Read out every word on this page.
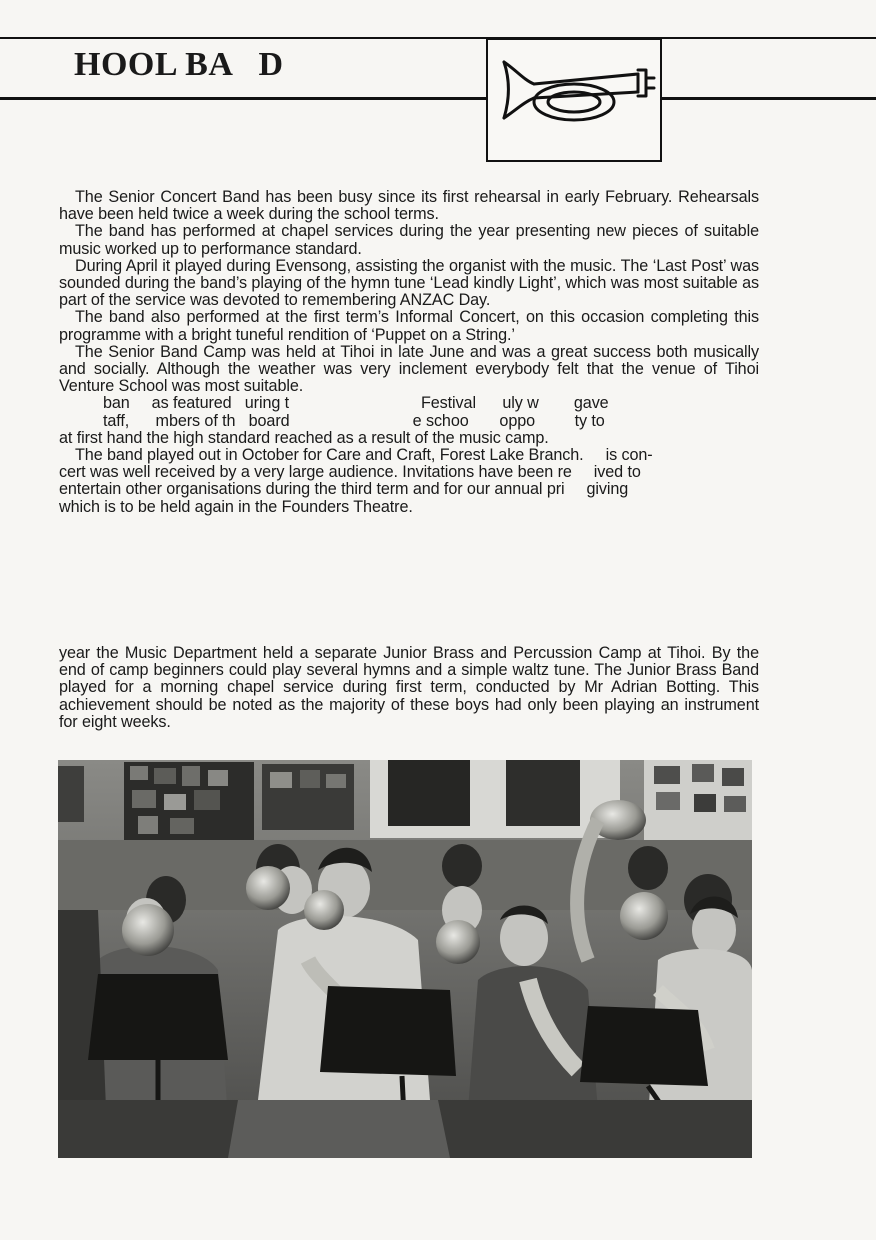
HOOL BA   D

The Senior Concert Band has been busy since its first rehearsal in early February. Rehearsals have been held twice a week during the school terms.

The band has performed at chapel services during the year presenting new pieces of suitable music worked up to performance standard.

During April it played during Evensong, assisting the organist with the music. The ‘Last Post’ was sounded during the band’s playing of the hymn tune ‘Lead kindly Light’, which was most suitable as part of the service was devoted to remembering ANZAC Day.

The band also performed at the first term’s Informal Concert, on this occasion completing this programme with a bright tuneful rendition of ‘Puppet on a String.’

The Senior Band Camp was held at Tihoi in late June and was a great success both musically and socially. Although the weather was very inclement everybody felt that the venue of Tihoi Venture School was most suitable.

ban     as featured   uring t                              Festival      uly w        gave

taff,      mbers of th   board                            e schoo       oppo         ty to

at first hand the high standard reached as a result of the music camp.

The band played out in October for Care and Craft, Forest Lake Branch.     is con-

cert was well received by a very large audience. Invitations have been re     ived to

entertain other organisations during the third term and for our annual pri     giving

which is to be held again in the Founders Theatre.

year the Music Department held a separate Junior Brass and Percussion Camp at Tihoi. By the end of camp beginners could play several hymns and a simple waltz tune. The Junior Brass Band played for a morning chapel service during first term, conducted by Mr Adrian Botting. This achievement should be noted as the majority of these boys had only been playing an instrument for eight weeks.
